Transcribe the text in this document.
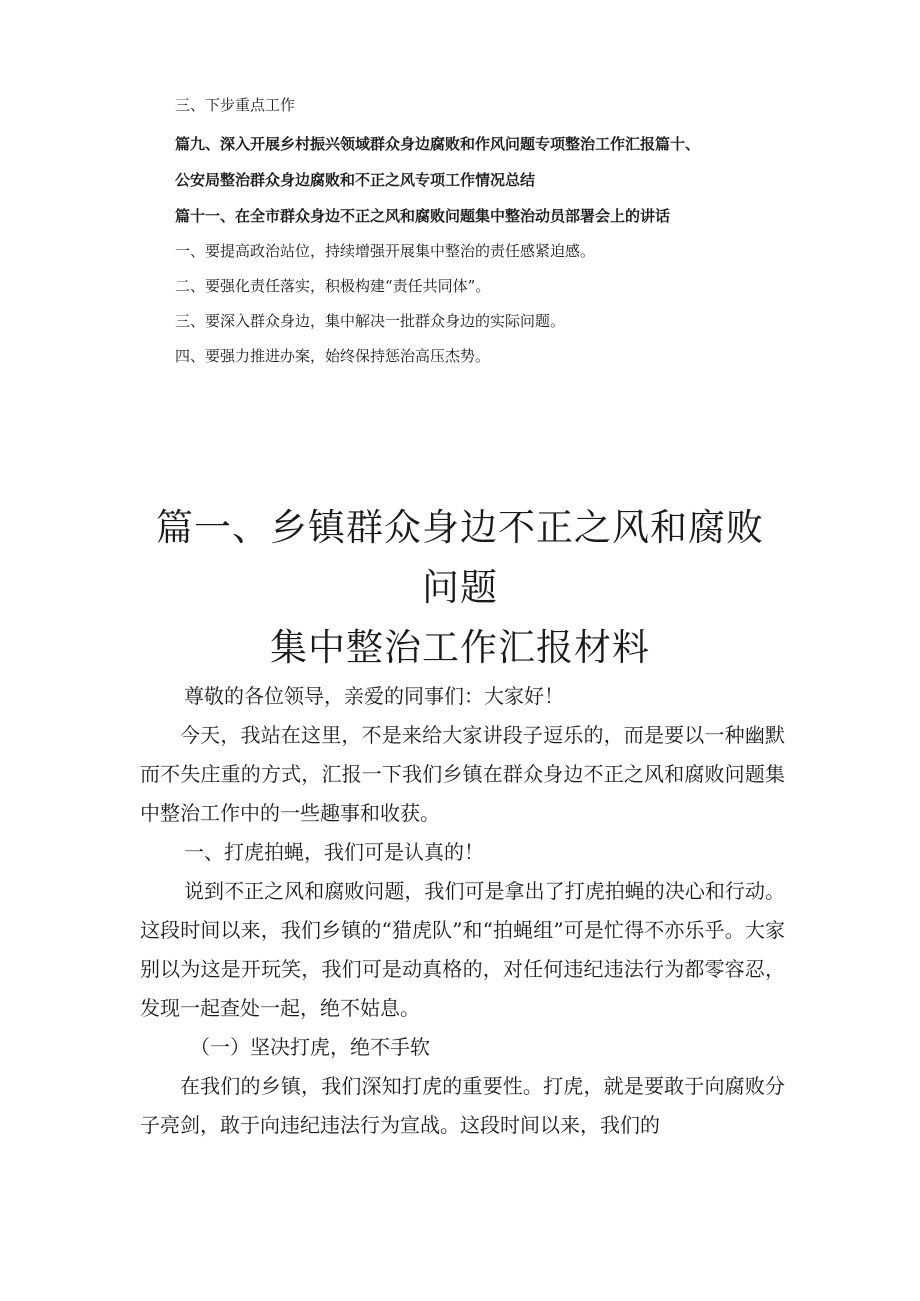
三、下步重点工作
篇九、深入开展乡村振兴领域群众身边腐败和作风问题专项整治工作汇报篇十、
公安局整治群众身边腐败和不正之风专项工作情况总结
篇十一、在全市群众身边不正之风和腐败问题集中整治动员部署会上的讲话
一、要提高政治站位，持续增强开展集中整治的责任感紧迫感。
二、要强化责任落实，积极构建“责任共同体”。
三、要深入群众身边，集中解决一批群众身边的实际问题。
四、要强力推进办案，始终保持惩治高压杰势。
篇一、乡镇群众身边不正之风和腐败问题
集中整治工作汇报材料

尊敬的各位领导，亲爱的同事们：大家好！

今天，我站在这里，不是来给大家讲段子逗乐的，而是要以一种幽默而不失庄重的方式，汇报一下我们乡镇在群众身边不正之风和腐败问题集中整治工作中的一些趣事和收获。

一、打虎拍蝇，我们可是认真的！

说到不正之风和腐败问题，我们可是拿出了打虎拍蝇的决心和行动。这段时间以来，我们乡镇的“猎虎队”和“拍蝇组”可是忙得不亦乐乎。大家别以为这是开玩笑，我们可是动真格的，对任何违纪违法行为都零容忍，发现一起查处一起，绝不姑息。

（一）坚决打虎，绝不手软

在我们的乡镇，我们深知打虎的重要性。打虎，就是要敢于向腐败分子亮剑，敢于向违纪违法行为宣战。这段时间以来，我们的
